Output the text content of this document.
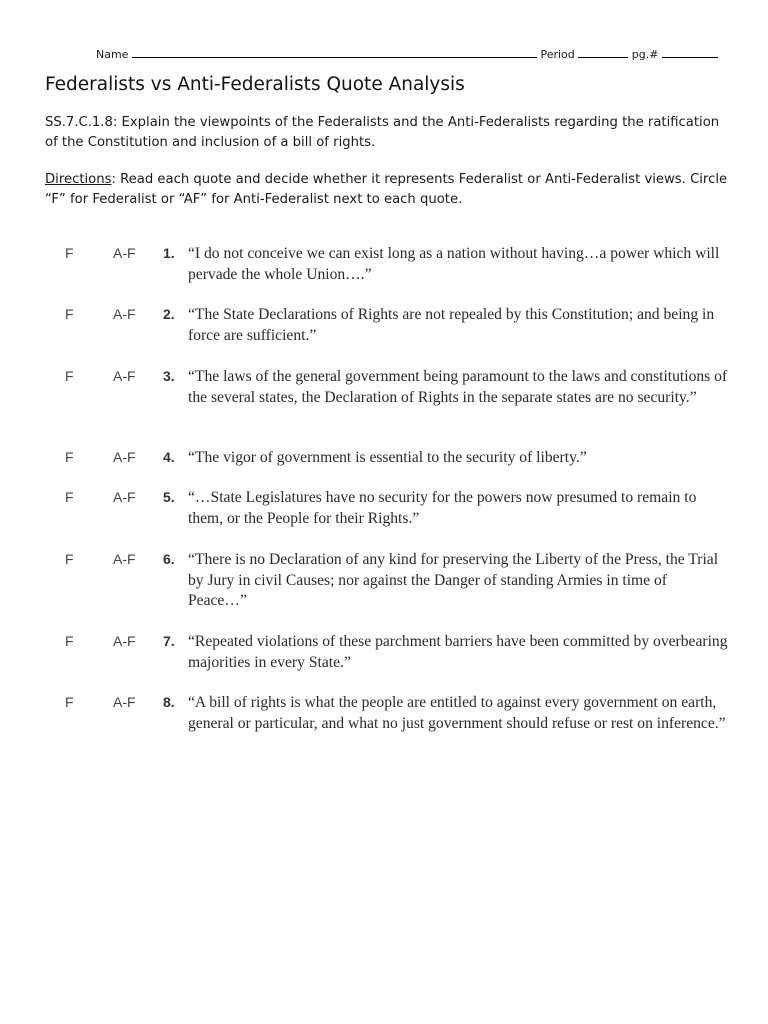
Name	Period	pg.#
Federalists vs Anti-Federalists Quote Analysis
SS.7.C.1.8: Explain the viewpoints of the Federalists and the Anti-Federalists regarding the ratification of the Constitution and inclusion of a bill of rights.
Directions: Read each quote and decide whether it represents Federalist or Anti-Federalist views. Circle “F” for Federalist or “AF” for Anti-Federalist next to each quote.
F	A-F 1. “I do not conceive we can exist long as a nation without having…a power which will pervade the whole Union….”
F	A-F 2. “The State Declarations of Rights are not repealed by this Constitution; and being in force are sufficient.”
F	A-F 3. “The laws of the general government being paramount to the laws and constitutions of the several states, the Declaration of Rights in the separate states are no security.”
F	A-F 4. “The vigor of government is essential to the security of liberty.”
F	A-F 5. “…State Legislatures have no security for the powers now presumed to remain to them, or the People for their Rights.”
F	A-F 6. “There is no Declaration of any kind for preserving the Liberty of the Press, the Trial by Jury in civil Causes; nor against the Danger of standing Armies in time of Peace…”
F	A-F 7. “Repeated violations of these parchment barriers have been committed by overbearing majorities in every State.”
F	A-F 8. “A bill of rights is what the people are entitled to against every government on earth, general or particular, and what no just government should refuse or rest on inference.”
